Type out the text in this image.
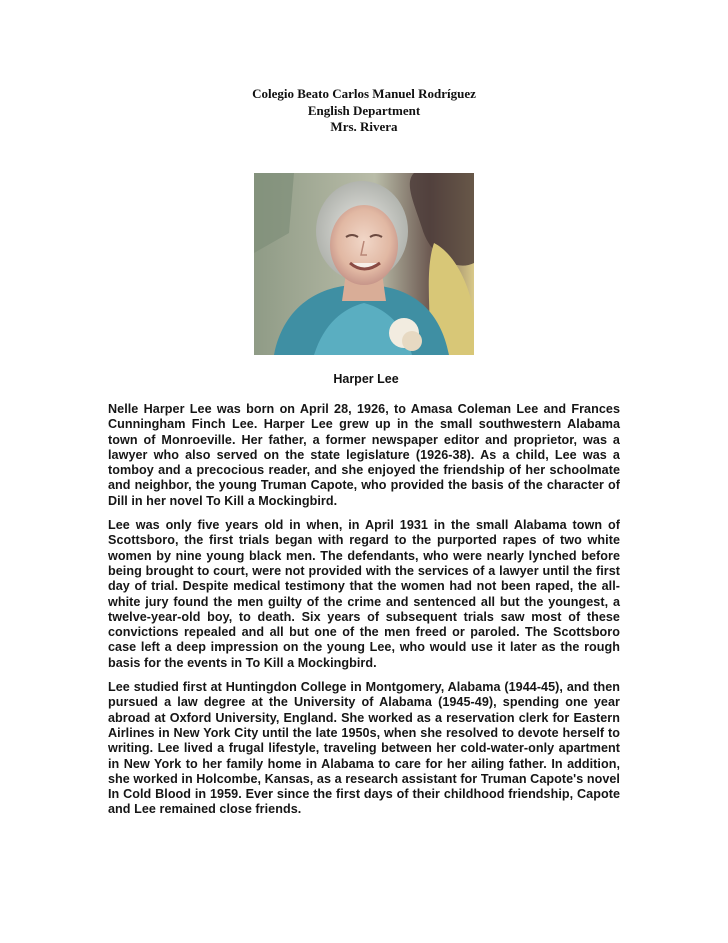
Colegio Beato Carlos Manuel Rodríguez
English Department
Mrs. Rivera
Harper Lee

Nelle Harper Lee was born on April 28, 1926, to Amasa Coleman Lee and Frances Cunningham Finch Lee. Harper Lee grew up in the small southwestern Alabama town of Monroeville. Her father, a former newspaper editor and proprietor, was a lawyer who also served on the state legislature (1926-38). As a child, Lee was a tomboy and a precocious reader, and she enjoyed the friendship of her schoolmate and neighbor, the young Truman Capote, who provided the basis of the character of Dill in her novel To Kill a Mockingbird.

Lee was only five years old in when, in April 1931 in the small Alabama town of Scottsboro, the first trials began with regard to the purported rapes of two white women by nine young black men. The defendants, who were nearly lynched before being brought to court, were not provided with the services of a lawyer until the first day of trial. Despite medical testimony that the women had not been raped, the all-white jury found the men guilty of the crime and sentenced all but the youngest, a twelve-year-old boy, to death. Six years of subsequent trials saw most of these convictions repealed and all but one of the men freed or paroled. The Scottsboro case left a deep impression on the young Lee, who would use it later as the rough basis for the events in To Kill a Mockingbird.

Lee studied first at Huntingdon College in Montgomery, Alabama (1944-45), and then pursued a law degree at the University of Alabama (1945-49), spending one year abroad at Oxford University, England. She worked as a reservation clerk for Eastern Airlines in New York City until the late 1950s, when she resolved to devote herself to writing. Lee lived a frugal lifestyle, traveling between her cold-water-only apartment in New York to her family home in Alabama to care for her ailing father. In addition, she worked in Holcombe, Kansas, as a research assistant for Truman Capote's novel In Cold Blood in 1959. Ever since the first days of their childhood friendship, Capote and Lee remained close friends.
